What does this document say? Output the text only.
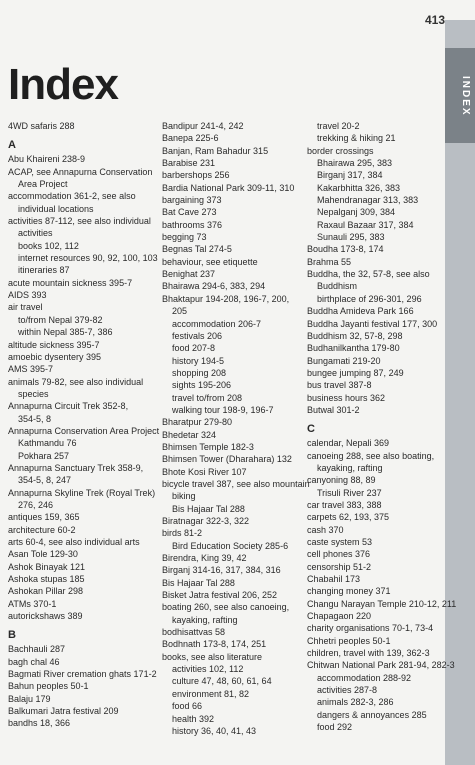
INDEX
413
Index
4WD safaris 288
A
Abu Khaireni 238-9
ACAP, see Annapurna Conservation
Area Project
accommodation 361-2, see also
individual locations
activities 87-112, see also individual
activities
books 102, 112
internet resources 90, 92, 100, 103
itineraries 87
acute mountain sickness 395-7
AIDS 393
air travel
to/from Nepal 379-82
within Nepal 385-7, 386
altitude sickness 395-7
amoebic dysentery 395
AMS 395-7
animals 79-82, see also individual
species
Annapurna Circuit Trek 352-8,
354-5, 8
Annapurna Conservation Area Project
Kathmandu 76
Pokhara 257
Annapurna Sanctuary Trek 358-9,
354-5, 8, 247
Annapurna Skyline Trek (Royal Trek)
276, 246
antiques 159, 365
architecture 60-2
arts 60-4, see also individual arts
Asan Tole 129-30
Ashok Binayak 121
Ashoka stupas 185
Ashokan Pillar 298
ATMs 370-1
autorickshaws 389
B
Bachhauli 287
bagh chal 46
Bagmati River cremation ghats 171-2
Bahun peoples 50-1
Balaju 179
Balkumari Jatra festival 209
bandhs 18, 366
Bandipur 241-4, 242
Banepa 225-6
Banjan, Ram Bahadur 315
Barabise 231
barbershops 256
Bardia National Park 309-11, 310
bargaining 373
Bat Cave 273
bathrooms 376
begging 73
Begnas Tal 274-5
behaviour, see etiquette
Benighat 237
Bhairawa 294-6, 383, 294
Bhaktapur 194-208, 196-7, 200,
205
accommodation 206-7
festivals 206
food 207-8
history 194-5
shopping 208
sights 195-206
travel to/from 208
walking tour 198-9, 196-7
Bharatpur 279-80
Bhedetar 324
Bhimsen Temple 182-3
Bhimsen Tower (Dharahara) 132
Bhote Kosi River 107
bicycle travel 387, see also mountain
biking
Bis Hajaar Tal 288
Biratnagar 322-3, 322
birds 81-2
Bird Education Society 285-6
Birendra, King 39, 42
Birganj 314-16, 317, 384, 316
Bis Hajaar Tal 288
Bisket Jatra festival 206, 252
boating 260, see also canoeing,
kayaking, rafting
bodhisattvas 58
Bodhnath 173-8, 174, 251
books, see also literature
activities 102, 112
culture 47, 48, 60, 61, 64
environment 81, 82
food 66
health 392
history 36, 40, 41, 43
travel 20-2
trekking & hiking 21
border crossings
Bhairawa 295, 383
Birganj 317, 384
Kakarbhitta 326, 383
Mahendranagar 313, 383
Nepalganj 309, 384
Raxaul Bazaar 317, 384
Sunauli 295, 383
Boudha 173-8, 174
Brahma 55
Buddha, the 32, 57-8, see also
Buddhism
birthplace of 296-301, 296
Buddha Amideva Park 166
Buddha Jayanti festival 177, 300
Buddhism 32, 57-8, 298
Budhanilkantha 179-80
Bungamati 219-20
bungee jumping 87, 249
bus travel 387-8
business hours 362
Butwal 301-2
C
calendar, Nepali 369
canoeing 288, see also boating,
kayaking, rafting
canyoning 88, 89
Trisuli River 237
car travel 383, 388
carpets 62, 193, 375
cash 370
caste system 53
cell phones 376
censorship 51-2
Chabahil 173
changing money 371
Changu Narayan Temple 210-12, 211
Chapagaon 220
charity organisations 70-1, 73-4
Chhetri peoples 50-1
children, travel with 139, 362-3
Chitwan National Park 281-94, 282-3
accommodation 288-92
activities 287-8
animals 282-3, 286
dangers & annoyances 285
food 292
